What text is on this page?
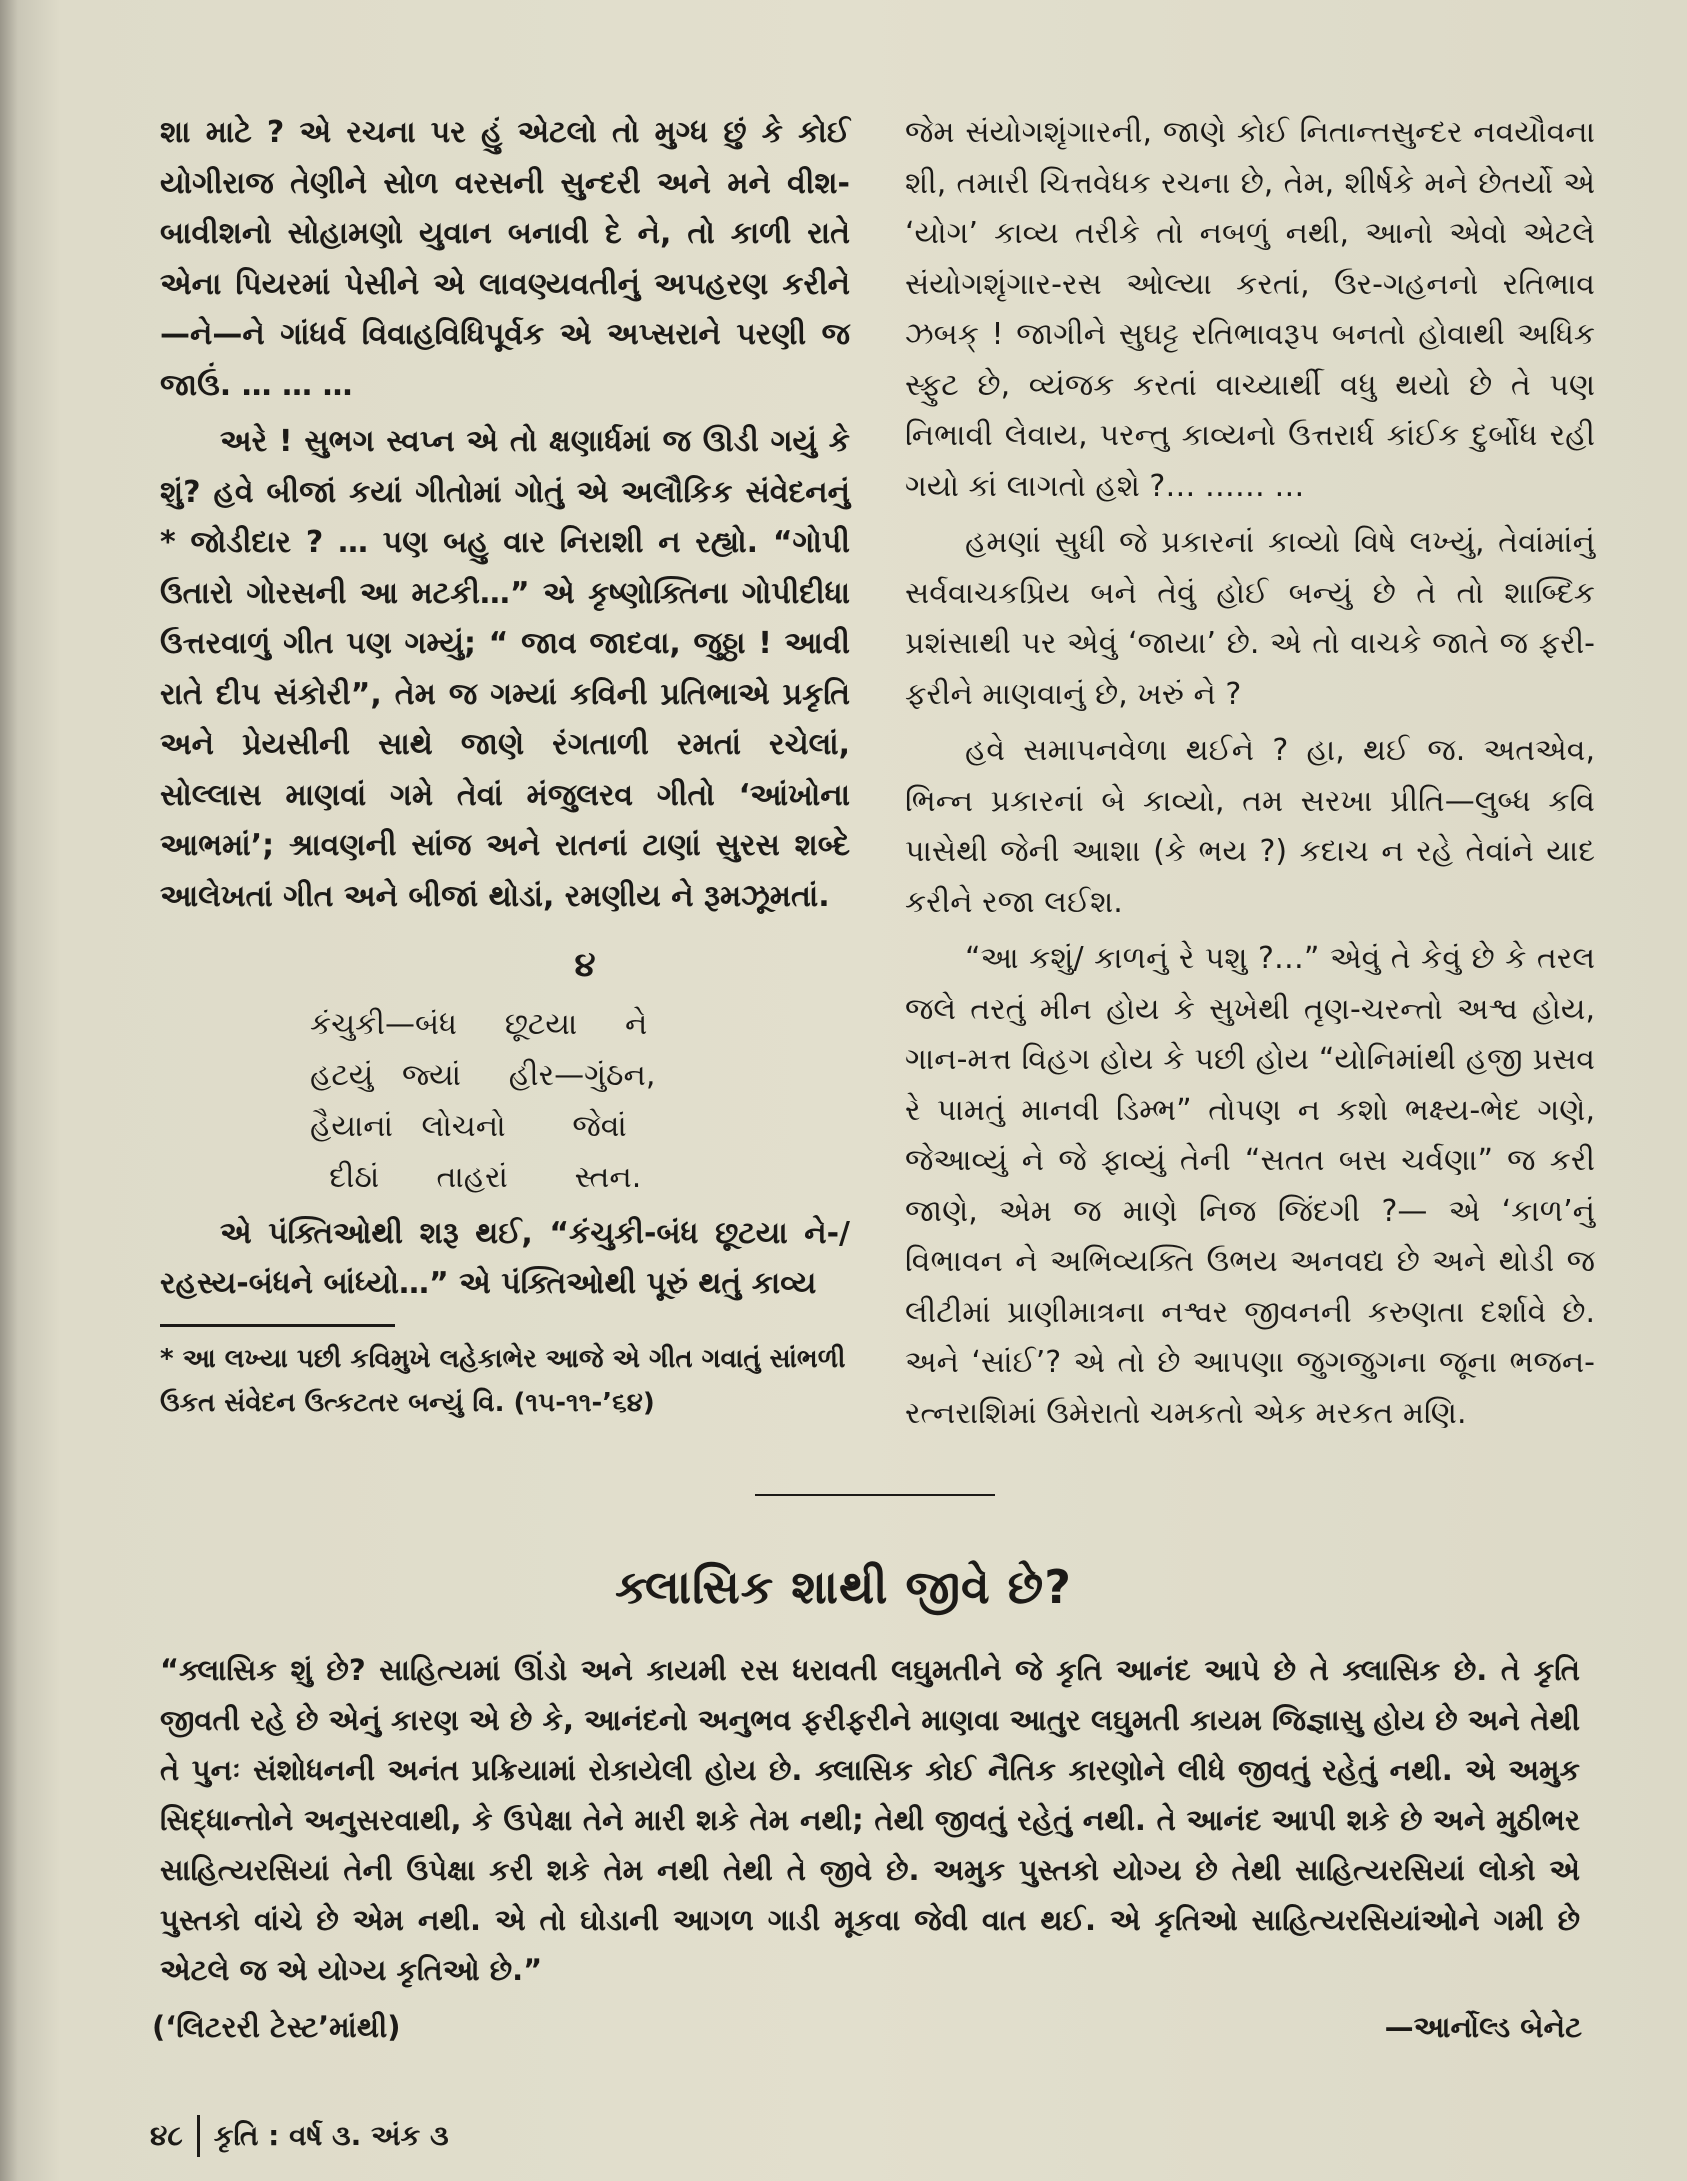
શા માટે ? એ રચના પર હું એટલો તો મુગ્ધ છું કે કોઈ યોગીરાજ તેણીને સોળ વરસની સુન્દરી અને મને વીશ-બાવીશનો સોહામણો યુવાન બનાવી દે ને, તો કાળી રાતે એના પિયરમાં પેસીને એ લાવણ્યવતીનું અપહરણ કરીને—ને—ને ગાંધર્વ વિવાહવિધિપૂર્વક એ અપ્સરાને પરણી જ જાઉં. … … …

અરે ! સુભગ સ્વપ્ન એ તો ક્ષણાર્ધમાં જ ઊડી ગયું કે શું? હવે બીજાં કયાં ગીતોમાં ગોતું એ અલૌકિક સંવેદનનું * જોડીદાર ? … પણ બહુ વાર નિરાશી ન રહ્યો. “ગોપી ઉતારો ગોરસની આ મટકી…” એ કૃષ્ણોક્તિના ગોપીદીધા ઉત્તરવાળું ગીત પણ ગમ્યું; “ જાવ જાદવા, જુઠ્ઠા ! આવી રાતે દીપ સંકોરી”, તેમ જ ગમ્યાં કવિની પ્રતિભાએ પ્રકૃતિ અને પ્રેયસીની સાથે જાણે રંગતાળી રમતાં રચેલાં, સોલ્લાસ માણવાં ગમે તેવાં મંજુલરવ ગીતો ‘આંખોના આભમાં’; શ્રાવણની સાંજ અને રાતનાં ટાણાં સુરસ શબ્દે આલેખતાં ગીત અને બીજાં થોડાં, રમણીય ને રૂમઝૂમતાં.

૪
કંચુકી—બંધ     છૂટયા     ને
હટયું   જ્યાં     હીર—ગુંઠન,
હૈયાનાં   લોચનો       જેવાં
દીઠાં      તાહરાં       સ્તન.

એ પંક્તિઓથી શરૂ થઈ, “કંચુકી-બંધ છૂટયા ને-/ રહસ્ય-બંધને બાંધ્યો…” એ પંક્તિઓથી પૂરું થતું કાવ્ય

* આ લખ્યા પછી કવિમુખે લહેકાભેર આજે એ ગીત ગવાતું સાંભળી ઉકત સંવેદન ઉત્કટતર બન્યું વિ. (૧૫-૧૧-’૬૪)

જેમ સંયોગશૃંગારની, જાણે કોઈ નિતાન્તસુન્દર નવયૌવના શી, તમારી ચિત્તવેધક રચના છે, તેમ, શીર્ષકે મને છેતર્યો એ ‘યોગ’ કાવ્ય તરીકે તો નબળું નથી, આનો એવો એટલે સંયોગશૃંગાર-રસ ઓલ્યા કરતાં, ઉર-ગહનનો રતિભાવ ઝબક્ ! જાગીને સુઘટ્ટ રતિભાવરૂપ બનતો હોવાથી અધિક સ્ફુટ છે, વ્યંજક કરતાં વાચ્યાર્થી વધુ થયો છે તે પણ નિભાવી લેવાય, પરન્તુ કાવ્યનો ઉત્તરાર્ધ કાંઈક દુર્બોધ રહી ગયો કાં લાગતો હશે ?… …… …

હમણાં સુધી જે પ્રકારનાં કાવ્યો વિષે લખ્યું, તેવાંમાંનું સર્વવાચકપ્રિય બને તેવું હોઈ બન્યું છે તે તો શાબ્દિક પ્રશંસાથી પર એવું ‘જાયા’ છે. એ તો વાચકે જાતે જ ફરી-ફરીને માણવાનું છે, ખરું ને ?

હવે સમાપનવેળા થઈને ? હા, થઈ જ. અતએવ, ભિન્ન પ્રકારનાં બે કાવ્યો, તમ સરખા પ્રીતિ—લુબ્ધ કવિ પાસેથી જેની આશા (કે ભય ?) કદાચ ન રહે તેવાંને યાદ કરીને રજા લઈશ.

“આ કશું/ કાળનું રે પશુ ?…” એવું તે કેવું છે કે તરલ જલે તરતું મીન હોય કે સુખેથી તૃણ-ચરન્તો અશ્વ હોય, ગાન-મત્ત વિહગ હોય કે પછી હોય “યોનિમાંથી હજી પ્રસવ રે પામતું માનવી ડિમ્ભ” તોપણ ન કશો ભક્ષ્ય-ભેદ ગણે, જેઆવ્યું ને જે ફાવ્યું તેની “સતત બસ ચર્વણા” જ કરી જાણે, એમ જ માણે નિજ જિંદગી ?— એ ‘કાળ’નું વિભાવન ને અભિવ્યક્તિ ઉભય અનવદ્ય છે અને થોડી જ લીટીમાં પ્રાણીમાત્રના નશ્વર જીવનની કરુણતા દર્શાવે છે. અને ‘સાંઈ’? એ તો છે આપણા જુગજુગના જૂના ભજન-રત્નરાશિમાં ઉમેરાતો ચમકતો એક મરકત મણિ.

ક્લાસિક શાથી જીવે છે?
“ક્લાસિક શું છે? સાહિત્યમાં ઊંડો અને કાયમી રસ ધરાવતી લઘુમતીને જે કૃતિ આનંદ આપે છે તે ક્લાસિક છે. તે કૃતિ જીવતી રહે છે એનું કારણ એ છે કે, આનંદનો અનુભવ ફરીફરીને માણવા આતુર લઘુમતી કાયમ જિજ્ઞાસુ હોય છે અને તેથી તે પુનઃ સંશોધનની અનંત પ્રક્રિયામાં રોકાયેલી હોય છે. ક્લાસિક કોઈ નૈતિક કારણોને લીધે જીવતું રહેતું નથી. એ અમુક સિદ્ધાન્તોને અનુસરવાથી, કે ઉપેક્ષા તેને મારી શકે તેમ નથી; તેથી જીવતું રહેતું નથી. તે આનંદ આપી શકે છે અને મુઠીભર સાહિત્યરસિયાં તેની ઉપેક્ષા કરી શકે તેમ નથી તેથી તે જીવે છે. અમુક પુસ્તકો યોગ્ય છે તેથી સાહિત્યરસિયાં લોકો એ પુસ્તકો વાંચે છે એમ નથી. એ તો ઘોડાની આગળ ગાડી મૂકવા જેવી વાત થઈ. એ કૃતિઓ સાહિત્યરસિયાંઓને ગમી છે એટલે જ એ યોગ્ય કૃતિઓ છે.”
(‘લિટરરી ટેસ્ટ’માંથી)	—આર્નોલ્ડ બેનેટ
૪૮ કૃતિ : વર્ષ ૩. અંક ૩
